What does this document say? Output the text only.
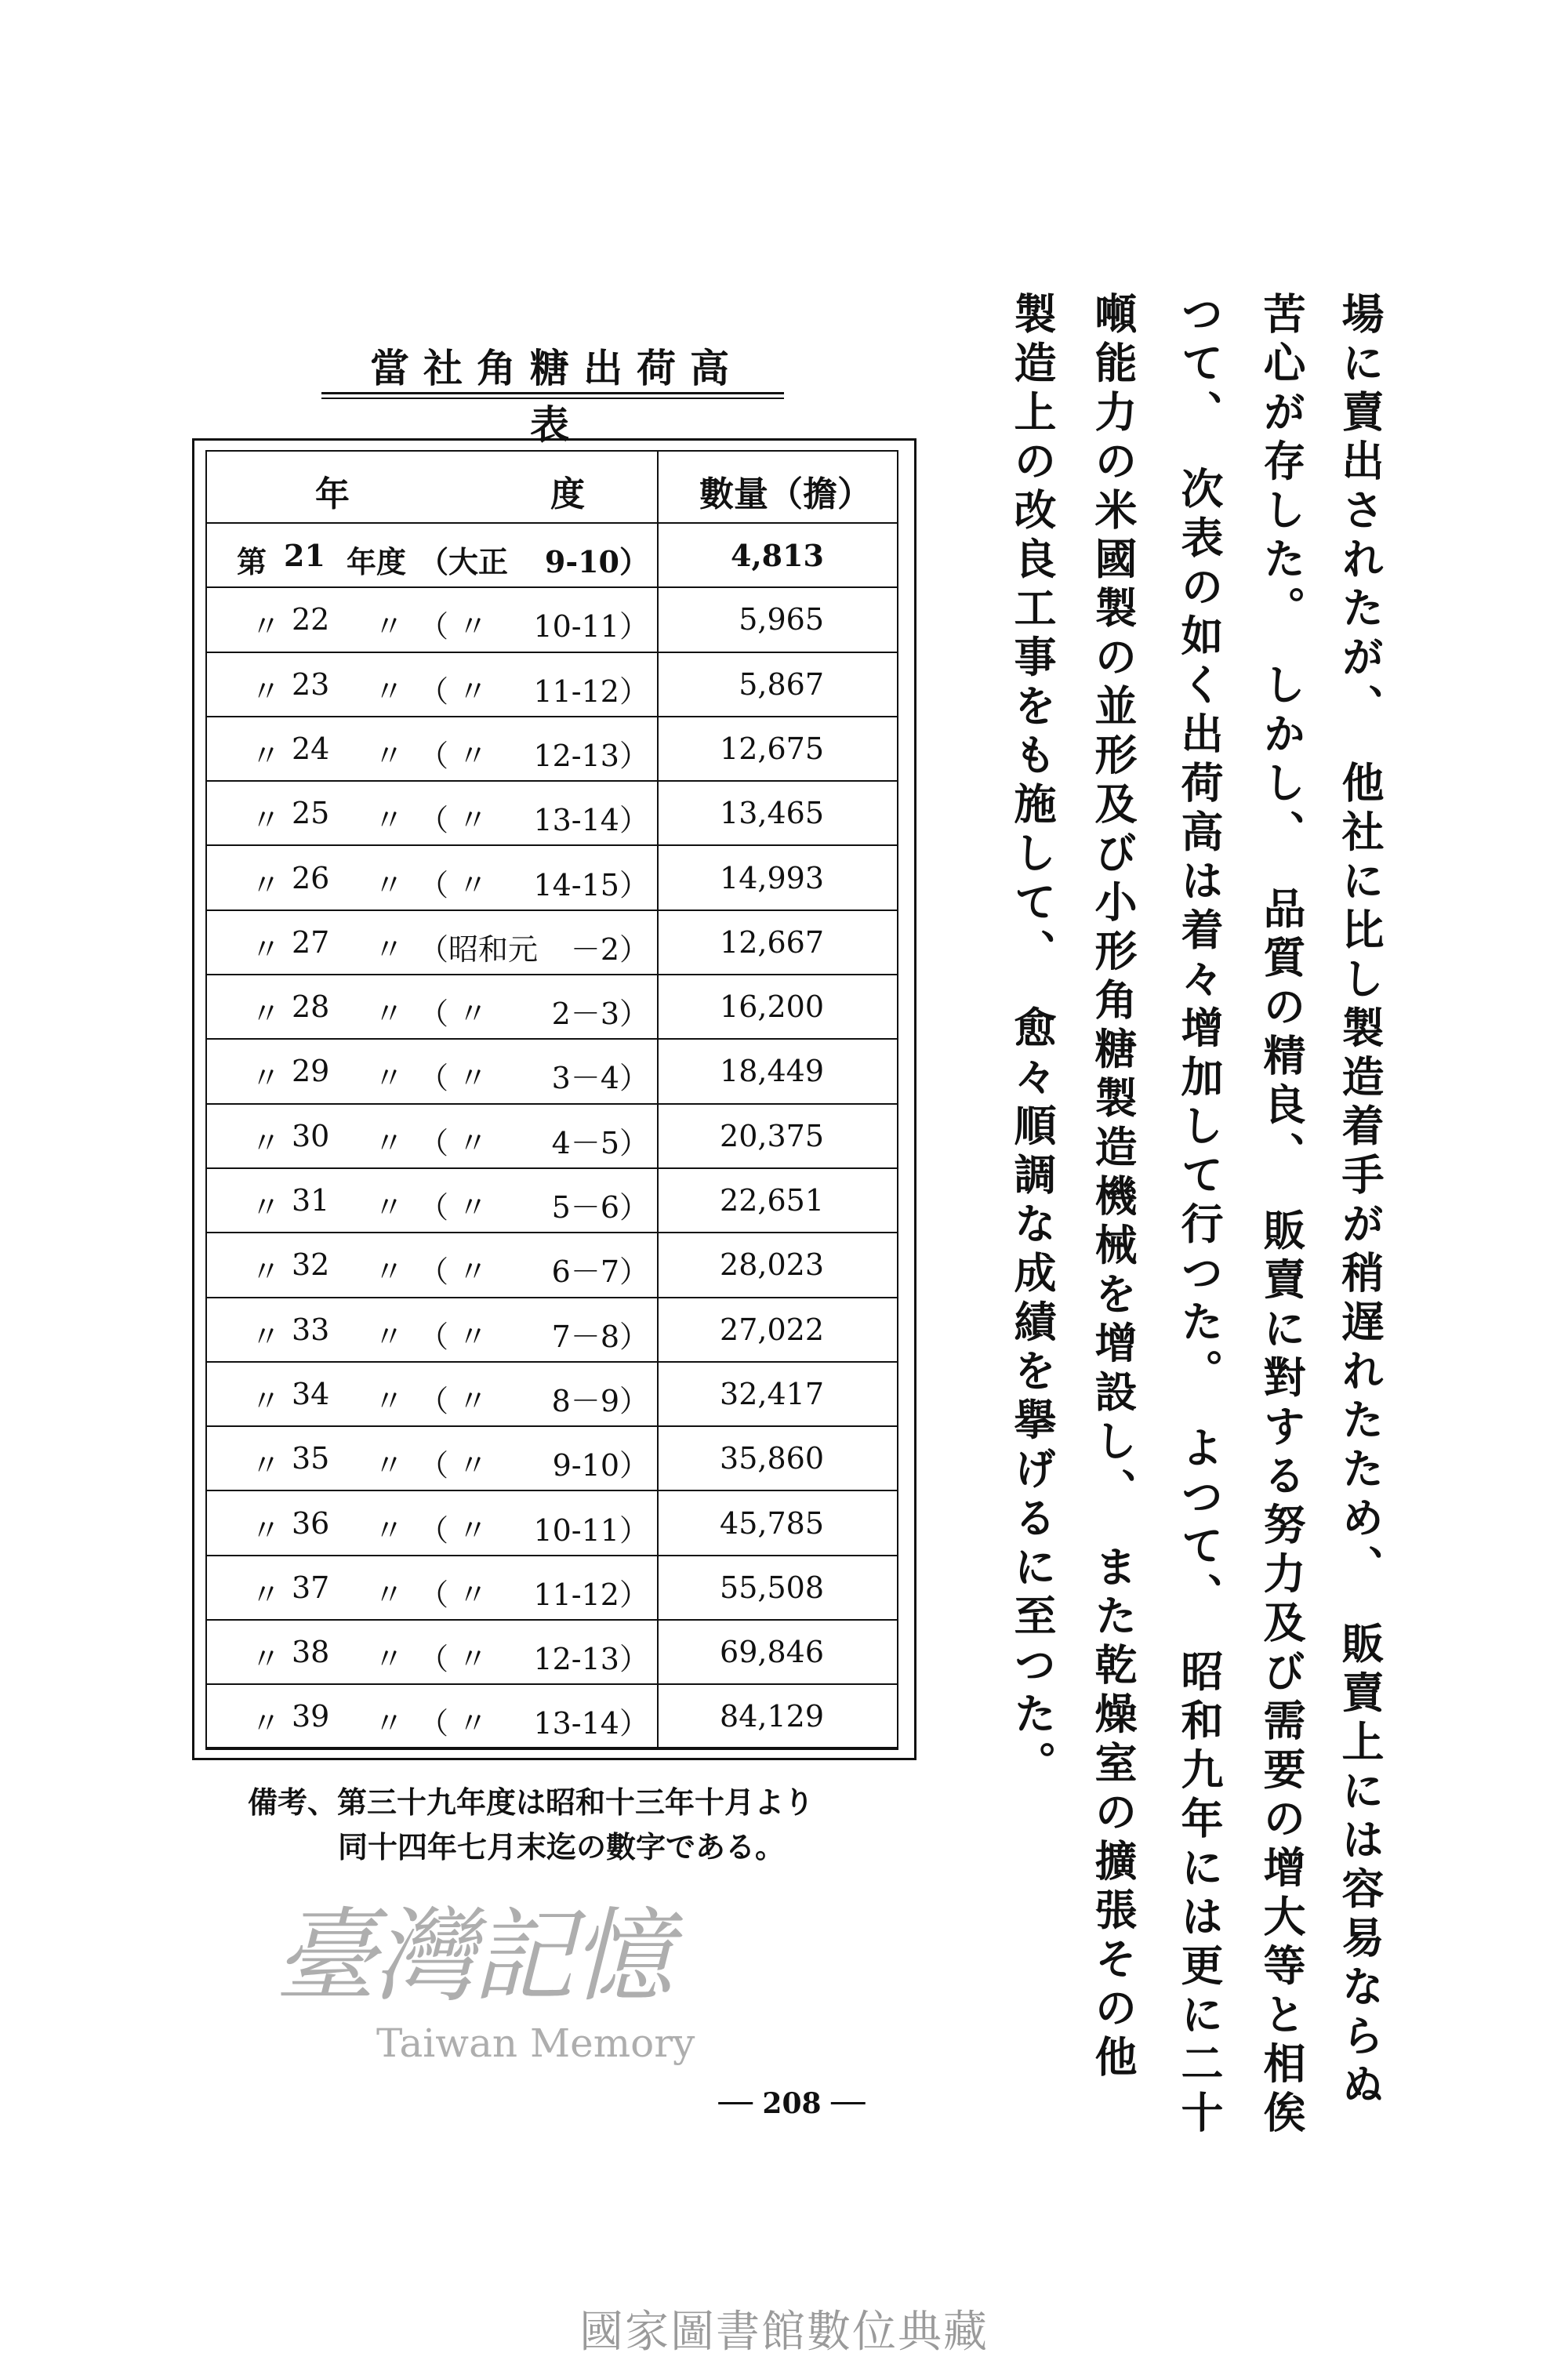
當社角糖出荷高表
年	度	數量（擔）
第 21 年度 （大正 9-10）	4,813
〃 22 〃 （ 〃 10-11）	5,965
〃 23 〃 （ 〃 11-12）	5,867
〃 24 〃 （ 〃 12-13） 12,675
〃 25 〃 （ 〃 13-14） 13,465
〃 26 〃 （ 〃 14-15） 14,993
〃 27 〃 （昭和元 －2） 12,667
〃 28 〃 （ 〃 2－3） 16,200
〃 29 〃 （ 〃 3－4） 18,449
〃 30 〃 （ 〃 4－5） 20,375
〃 31 〃 （ 〃 5－6） 22,651
〃 32 〃 （ 〃 6－7） 28,023
〃 33 〃 （ 〃 7－8） 27,022
〃 34 〃 （ 〃 8－9） 32,417
〃 35 〃 （ 〃 9-10） 35,860
〃 36 〃 （ 〃 10-11） 45,785
〃 37 〃 （ 〃 11-12） 55,508
〃 38 〃 （ 〃 12-13） 69,846
〃 39 〃 （ 〃 13-14） 84,129
備考、第三十九年度は昭和十三年十月より
同十四年七月末迄の數字である。	場に賣出されたが、　他社に比し製造着手が稍遅れたため、　販賣上には容易ならぬ
苦心が存した。　しかし、　品質の精良、　販賣に對する努力及び需要の增大等と相俟
つて、　次表の如く出荷高は着々增加して行つた。　よつて、　昭和九年には更に二十
噸能力の米國製の並形及び小形角糖製造機械を增設し、　また乾燥室の擴張その他
製造上の改良工事をも施して、　愈々順調な成績を擧げるに至つた。
臺灣記憶
Taiwan Memory
── 208 ──
國家圖書館數位典藏
